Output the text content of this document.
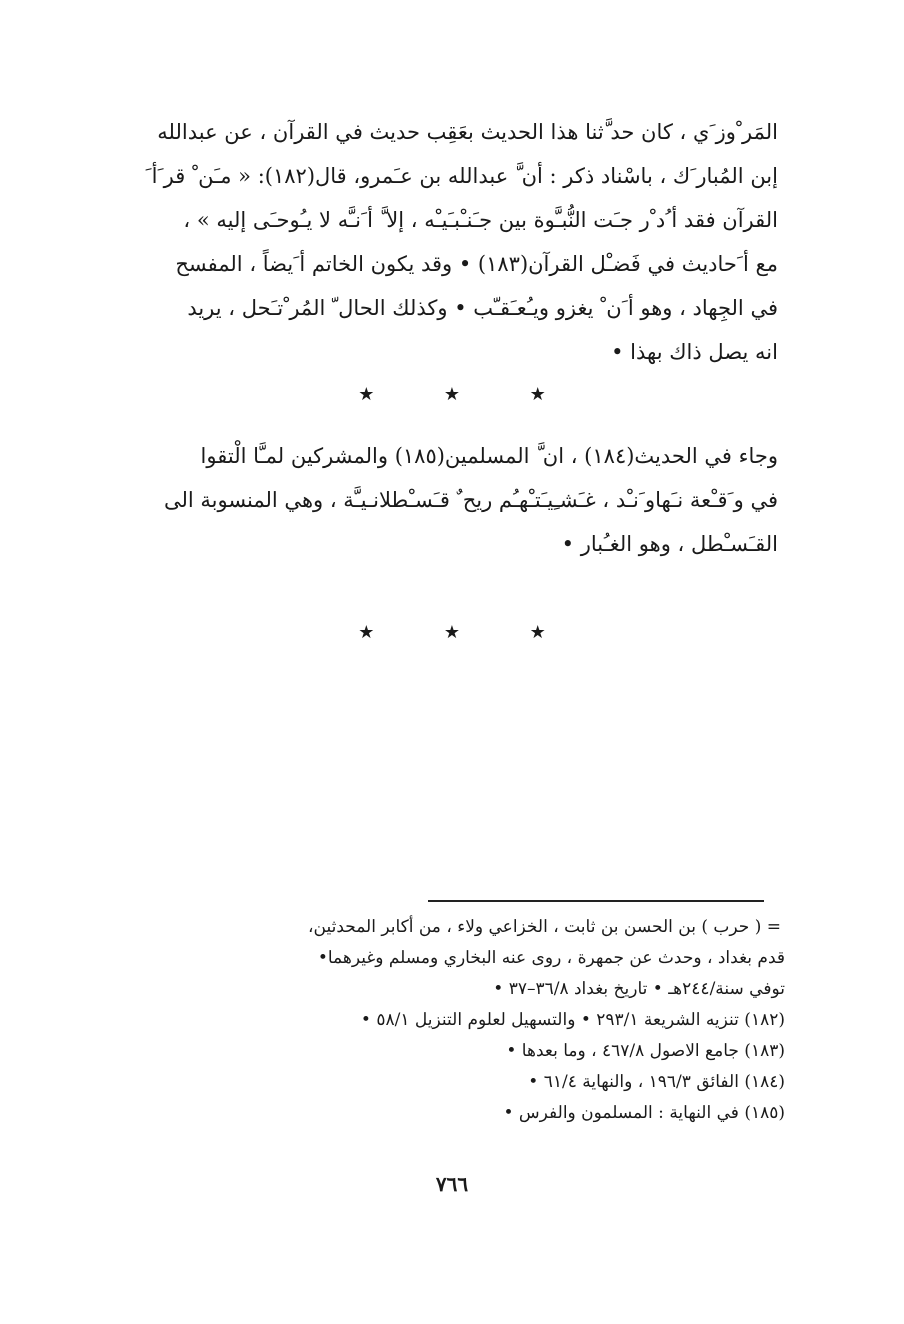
المَر ْوز َي ، كان حد َّثنا هذا الحديث بعَقِب حديث في القرآن ، عن عبدالله
إبن المُبار َك ، باسْناد ذكر : أن َّ عبدالله بن عـَمرو، قال(١٨٢): « مـَن ْ قر َأ َ
القرآن فقد أ ُد ْر جـَت النُّبـَّوة بين جـَنـْبـَيـْه ، إلا َّ أ َنـَّه لا يـُوحـَى إليه » ،
مع أ َحاديث في فَضـْل القرآن(١٨٣) • وقد يكون الخاتم أ َيضاً ، المفسح
في الجِهاد ، وهو أ َن ْ يغزو ويـُعـَقـّب • وكذلك الحال ّ المُر ْتـَحل ، يريد
انه يصل ذاك بهذا •
★	★	★
وجاء في الحديث(١٨٤) ، ان َّ المسلمين(١٨٥) والمشركين لمـَّا الْتقوا
في و َقـْعة نـَهاو َنـْد ، غـَشـِيـَتـْهـُم ريح ٌ قـَسـْطلانـيـَّة ، وهي المنسوبة الى
القـَسـْطل ، وهو الغـُبار •
★	★	★
= ( حرب ) بن الحسن بن ثابت ، الخزاعي ولاء ، من أكابر المحدثين،
قدم بغداد ، وحدث عن جمهرة ، روى عنه البخاري ومسلم وغيرهما•
توفي سنة/٢٤٤هـ • تاريخ بغداد ٣٦/٨–٣٧ •
(١٨٢) تنزيه الشريعة ٢٩٣/١ • والتسهيل لعلوم التنزيل ٥٨/١ •
(١٨٣) جامع الاصول ٤٦٧/٨ ، وما بعدها •
(١٨٤) الفائق ١٩٦/٣ ، والنهاية ٦١/٤ •
(١٨٥) في النهاية : المسلمون والفرس •
٧٦٦
